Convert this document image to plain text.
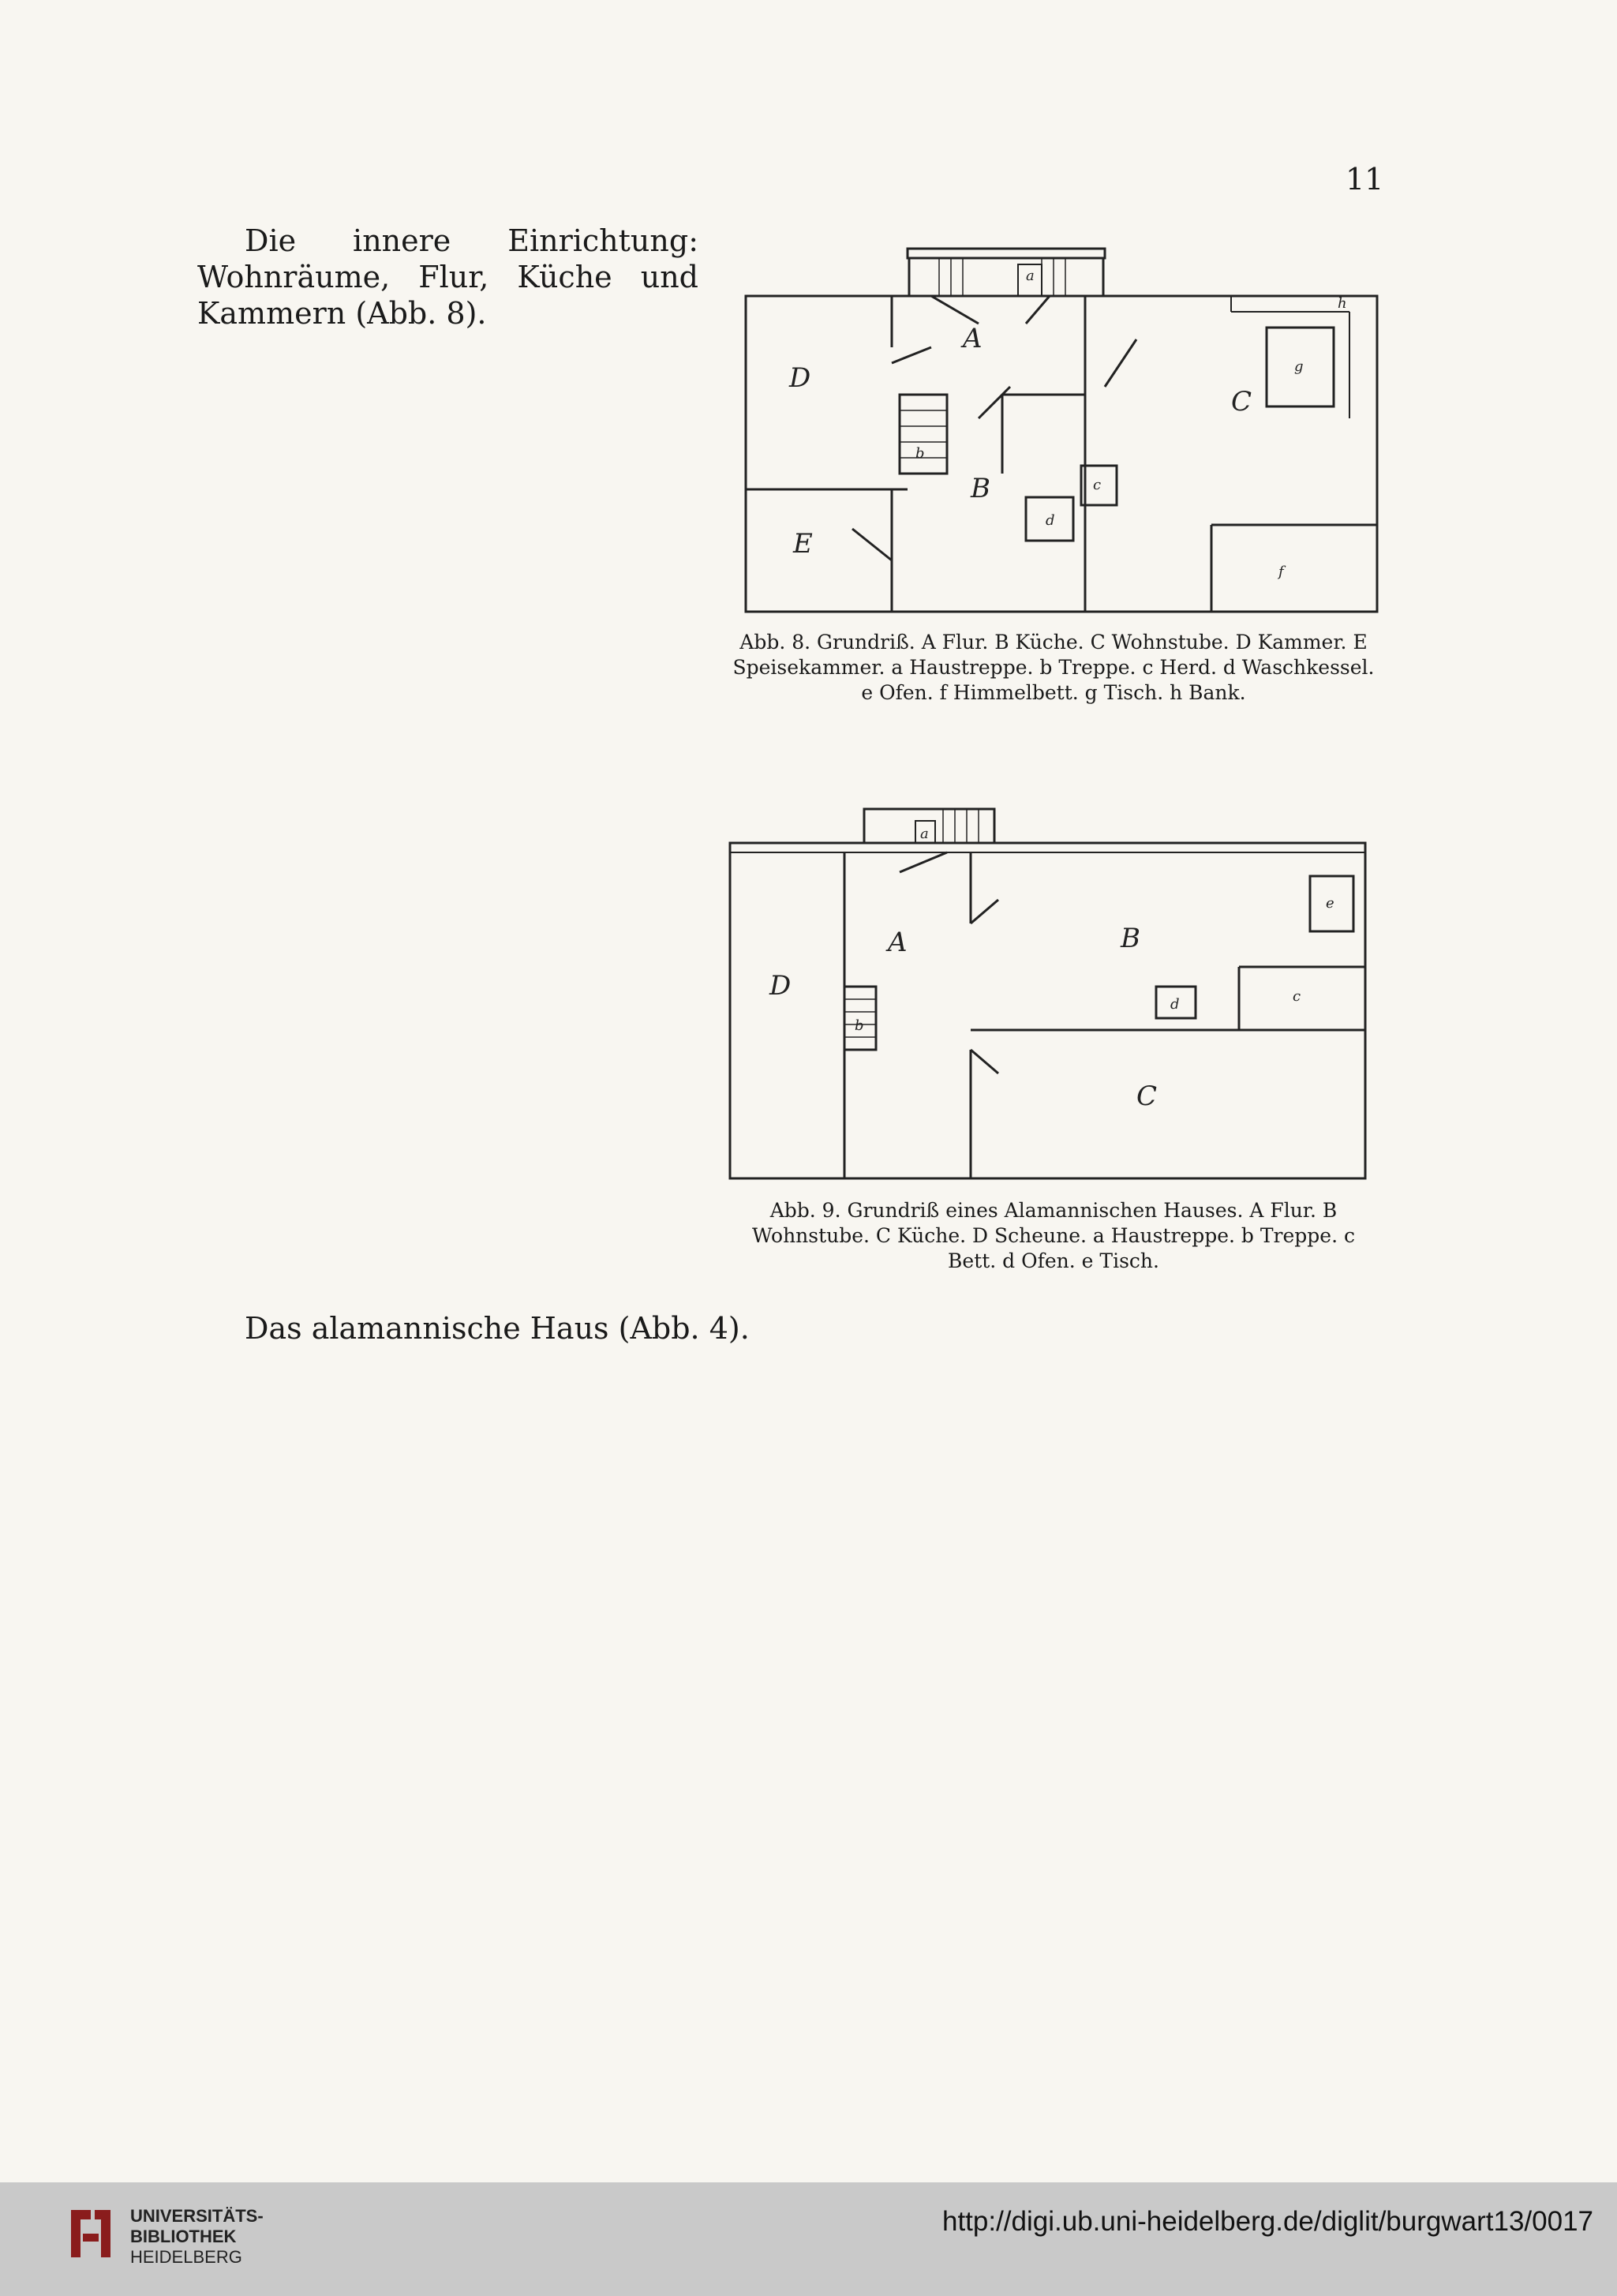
11

Die innere Einrichtung: Wohnräume, Flur, Küche und Kammern (Abb. 8).

D
A
C
B
E
a
b
c
d
f
g
h
Abb. 8. Grundriß. A Flur. B Küche. C Wohnstube. D Kammer. E Speisekammer. a Haustreppe. b Treppe. c Herd. d Waschkessel. e Ofen. f Himmelbett. g Tisch. h Bank.
D
A	B
C
a
b
c
d
e
Abb. 9. Grundriß eines Alamannischen Hauses. A Flur. B Wohnstube. C Küche. D Scheune. a Haustreppe. b Treppe. c Bett. d Ofen. e Tisch.

Das alamannische Haus (Abb. 4).

UNIVERSITÄTS-
BIBLIOTHEK
HEIDELBERG
http://digi.ub.uni-heidelberg.de/diglit/burgwart13/0017
